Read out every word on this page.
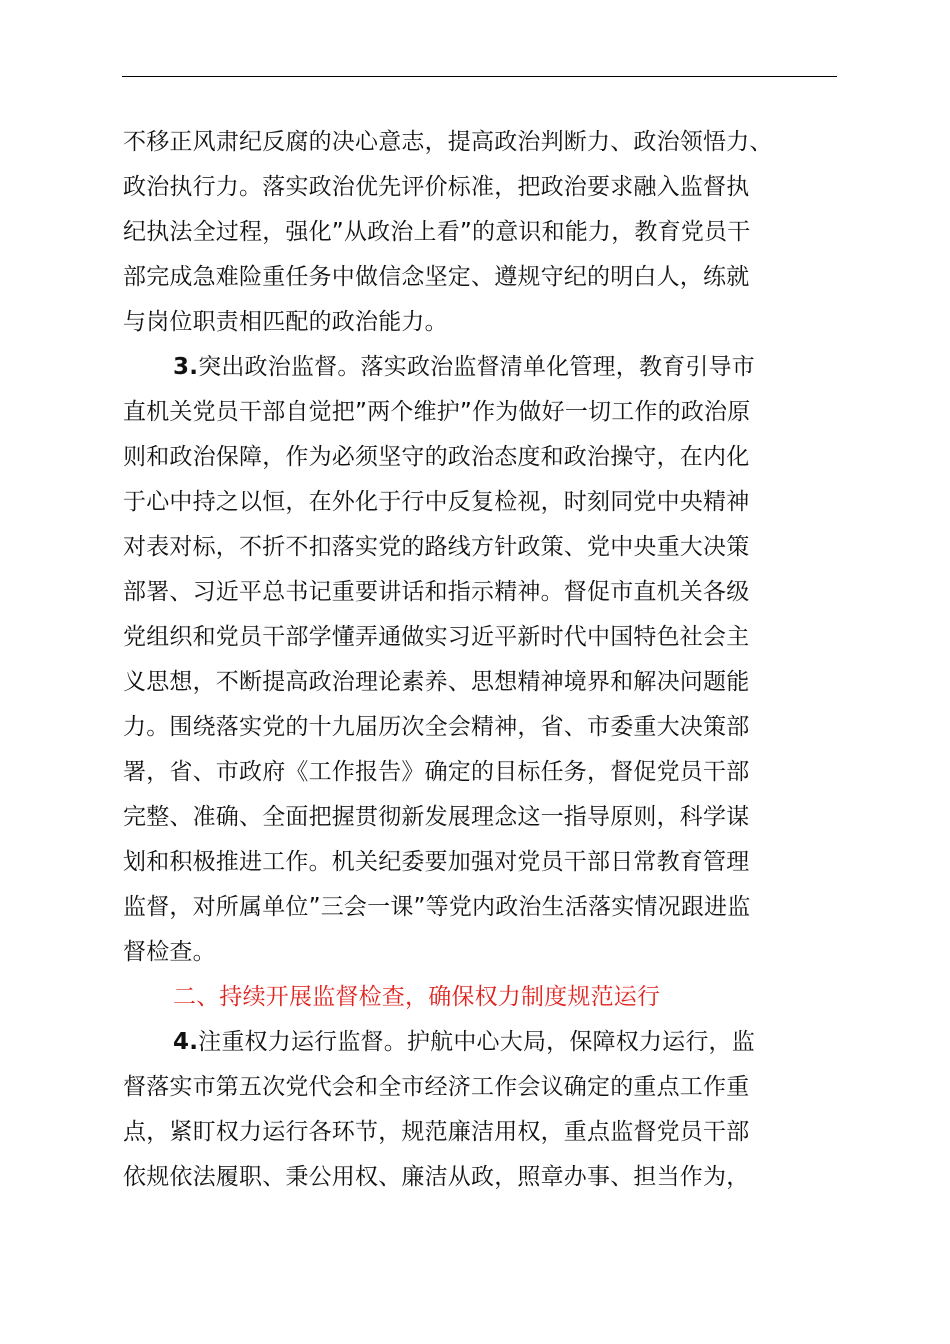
不移正风肃纪反腐的决心意志，提高政治判断力、政治领悟力、
政治执行力。落实政治优先评价标准，把政治要求融入监督执
纪执法全过程，强化”从政治上看”的意识和能力，教育党员干
部完成急难险重任务中做信念坚定、遵规守纪的明白人，练就
与岗位职责相匹配的政治能力。
3.突出政治监督。落实政治监督清单化管理，教育引导市
直机关党员干部自觉把”两个维护”作为做好一切工作的政治原
则和政治保障，作为必须坚守的政治态度和政治操守，在内化
于心中持之以恒，在外化于行中反复检视，时刻同党中央精神
对表对标，不折不扣落实党的路线方针政策、党中央重大决策
部署、习近平总书记重要讲话和指示精神。督促市直机关各级
党组织和党员干部学懂弄通做实习近平新时代中国特色社会主
义思想，不断提高政治理论素养、思想精神境界和解决问题能
力。围绕落实党的十九届历次全会精神，省、市委重大决策部
署，省、市政府《工作报告》确定的目标任务，督促党员干部
完整、准确、全面把握贯彻新发展理念这一指导原则，科学谋
划和积极推进工作。机关纪委要加强对党员干部日常教育管理
监督，对所属单位”三会一课”等党内政治生活落实情况跟进监
督检查。
二、持续开展监督检查，确保权力制度规范运行
4.注重权力运行监督。护航中心大局，保障权力运行，监
督落实市第五次党代会和全市经济工作会议确定的重点工作重
点，紧盯权力运行各环节，规范廉洁用权，重点监督党员干部
依规依法履职、秉公用权、廉洁从政，照章办事、担当作为，
